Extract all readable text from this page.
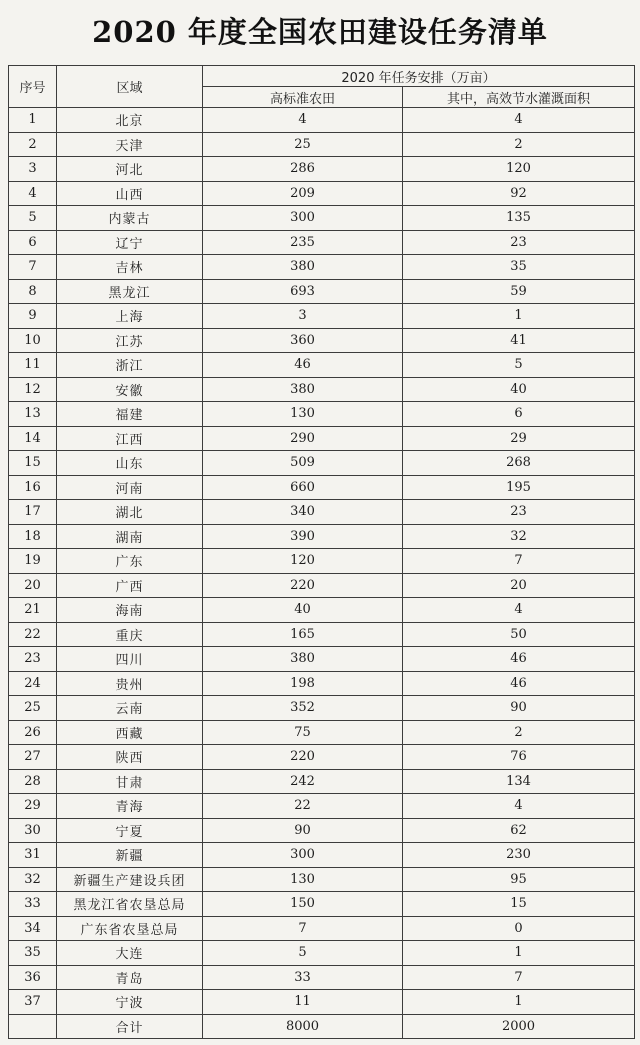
2020 年度全国农田建设任务清单
序号	区域	2020 年任务安排（万亩）	
		高标准农田	其中，高效节水灌溉面积
1	北京	4	4
2	天津	25	2
3	河北	286	120
4	山西	209	92
5	内蒙古	300	135
6	辽宁	235	23
7	吉林	380	35
8	黑龙江	693	59
9	上海	3	1
10	江苏	360	41
11	浙江	46	5
12	安徽	380	40
13	福建	130	6
14	江西	290	29
15	山东	509	268
16	河南	660	195
17	湖北	340	23
18	湖南	390	32
19	广东	120	7
20	广西	220	20
21	海南	40	4
22	重庆	165	50
23	四川	380	46
24	贵州	198	46
25	云南	352	90
26	西藏	75	2
27	陕西	220	76
28	甘肃	242	134
29	青海	22	4
30	宁夏	90	62
31	新疆	300	230
32	新疆生产建设兵团	130	95
33	黑龙江省农垦总局	150	15
34	广东省农垦总局	7	0
35	大连	5	1
36	青岛	33	7
37	宁波	11	1
	合计	8000	2000
